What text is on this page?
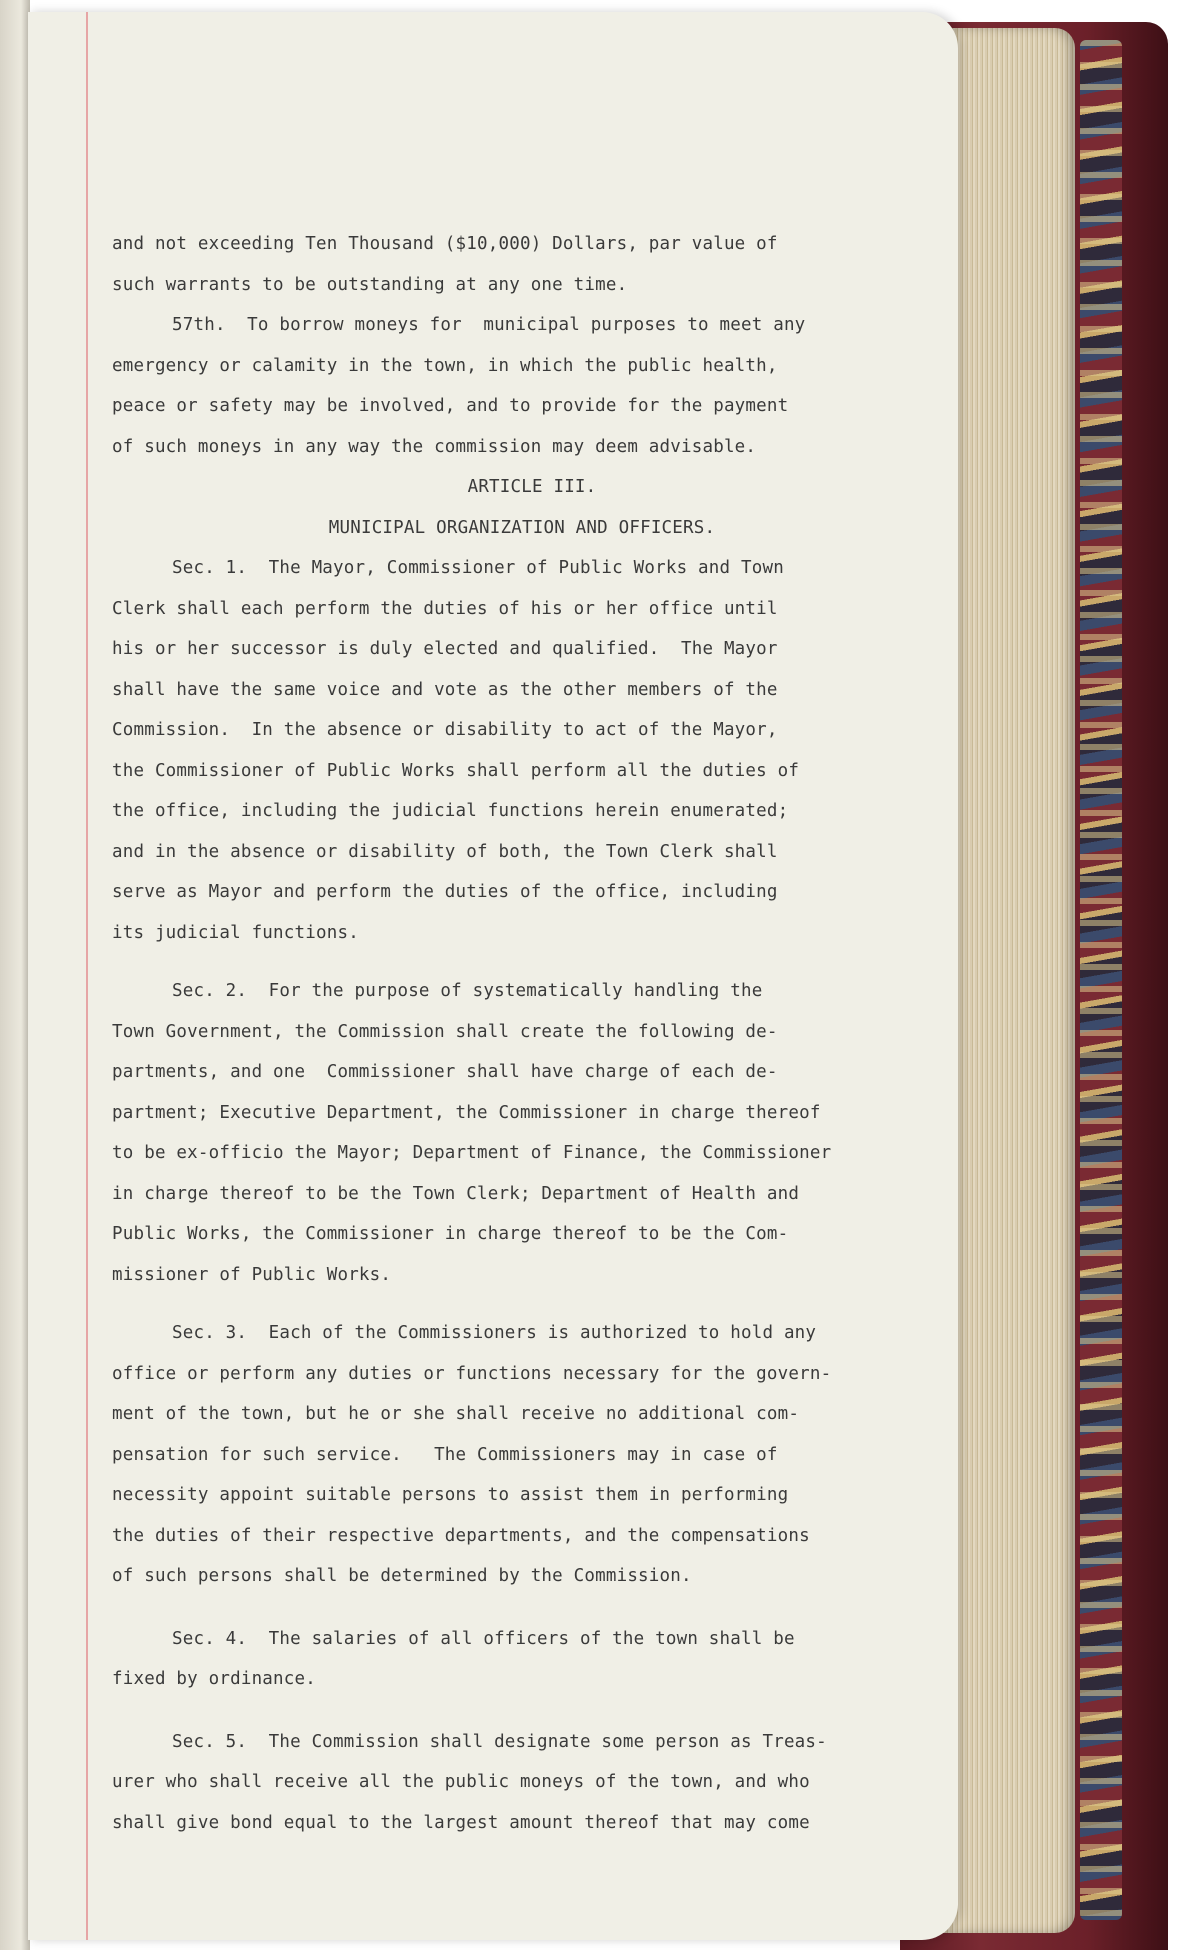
and not exceeding Ten Thousand ($10,000) Dollars, par value of
such warrants to be outstanding at any one time.
57th.  To borrow moneys for  municipal purposes to meet any
emergency or calamity in the town, in which the public health,
peace or safety may be involved, and to provide for the payment
of such moneys in any way the commission may deem advisable.
ARTICLE III.
MUNICIPAL ORGANIZATION AND OFFICERS.
Sec. 1.  The Mayor, Commissioner of Public Works and Town
Clerk shall each perform the duties of his or her office until
his or her successor is duly elected and qualified.  The Mayor
shall have the same voice and vote as the other members of the
Commission.  In the absence or disability to act of the Mayor,
the Commissioner of Public Works shall perform all the duties of
the office, including the judicial functions herein enumerated;
and in the absence or disability of both, the Town Clerk shall
serve as Mayor and perform the duties of the office, including
its judicial functions.
Sec. 2.  For the purpose of systematically handling the
Town Government, the Commission shall create the following de-
partments, and one  Commissioner shall have charge of each de-
partment; Executive Department, the Commissioner in charge thereof
to be ex-officio the Mayor; Department of Finance, the Commissioner
in charge thereof to be the Town Clerk; Department of Health and
Public Works, the Commissioner in charge thereof to be the Com-
missioner of Public Works.
Sec. 3.  Each of the Commissioners is authorized to hold any
office or perform any duties or functions necessary for the govern-
ment of the town, but he or she shall receive no additional com-
pensation for such service.   The Commissioners may in case of
necessity appoint suitable persons to assist them in performing
the duties of their respective departments, and the compensations
of such persons shall be determined by the Commission.
Sec. 4.  The salaries of all officers of the town shall be
fixed by ordinance.
Sec. 5.  The Commission shall designate some person as Treas-
urer who shall receive all the public moneys of the town, and who
shall give bond equal to the largest amount thereof that may come
